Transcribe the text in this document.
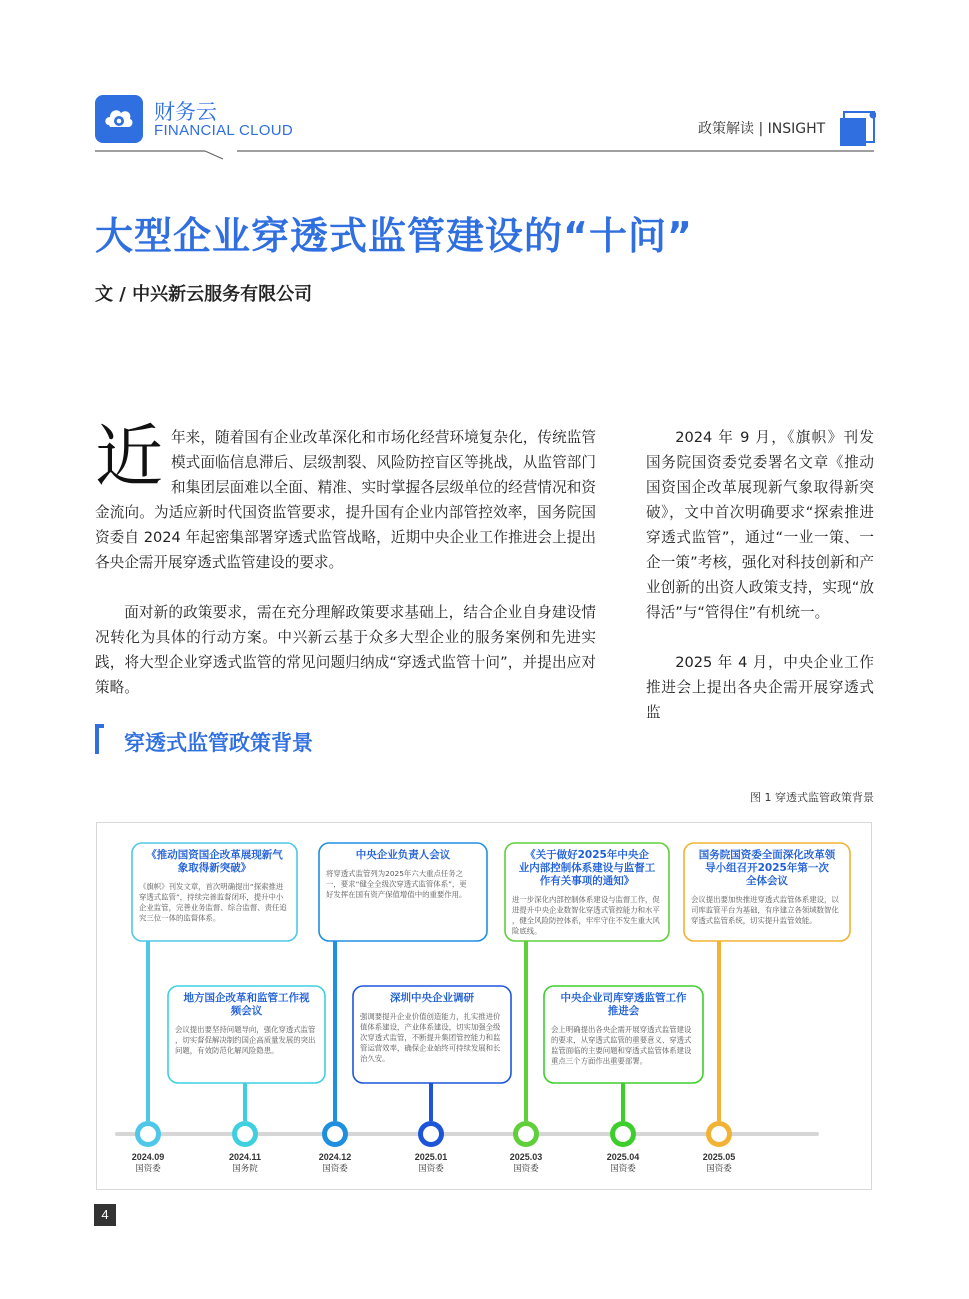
财务云
FINANCIAL CLOUD	政策解读 | INSIGHT
大型企业穿透式监管建设的“十问”
文 / 中兴新云服务有限公司

近年来，随着国有企业改革深化和市场化经营环境复杂化，传统监管模式面临信息滞后、层级割裂、风险防控盲区等挑战，从监管部门和集团层面难以全面、精准、实时掌握各层级单位的经营情况和资金流向。为适应新时代国资监管要求，提升国有企业内部管控效率，国务院国资委自 2024 年起密集部署穿透式监管战略，近期中央企业工作推进会上提出各央企需开展穿透式监管建设的要求。

面对新的政策要求，需在充分理解政策要求基础上，结合企业自身建设情况转化为具体的行动方案。中兴新云基于众多大型企业的服务案例和先进实践，将大型企业穿透式监管的常见问题归纳成“穿透式监管十问”，并提出应对策略。

2024 年 9 月，《旗帜》刊发国务院国资委党委署名文章《推动国资国企改革展现新气象取得新突破》，文中首次明确要求“探索推进穿透式监管”，通过“一业一策、一企一策”考核，强化对科技创新和产业创新的出资人政策支持，实现“放得活”与“管得住”有机统一。

2025 年 4 月，中央企业工作推进会上提出各央企需开展穿透式监

穿透式监管政策背景
图 1 穿透式监管政策背景
《推动国资国企改革展现新气象取得新突破》
《旗帜》刊发文章，首次明确提出“探索推进穿透式监管”，持续完善监督闭环，提升中小企业监管，完善业务监督、综合监督、责任追究三位一体的监督体系。
2024.09
国资委
地方国企改革和监管工作视频会议
会议提出要坚持问题导向，强化穿透式监管，切实督促解决制约国企高质量发展的突出问题，有效防范化解风险隐患。
2024.11
国务院
中央企业负责人会议
将穿透式监管列为2025年六大重点任务之一，要求“健全全级次穿透式监管体系”，更好发挥在国有资产保值增值中的重要作用。
2024.12
国资委
深圳中央企业调研
强调要提升企业价值创造能力，扎实推进价值体系建设，产业体系建设，切实加强全级次穿透式监管，不断提升集团管控能力和监管运营效率，确保企业始终可持续发展和长治久安。
2025.01
国资委
《关于做好2025年中央企业内部控制体系建设与监督工作有关事项的通知》
进一步深化内部控制体系建设与监督工作，促进提升中央企业数智化穿透式管控能力和水平，健全风险防控体系，牢牢守住不发生重大风险底线。
2025.03
国资委
中央企业司库穿透监管工作推进会
会上明确提出各央企需开展穿透式监管建设的要求，从穿透式监管的重要意义、穿透式监管面临的主要问题和穿透式监管体系建设重点三个方面作出重要部署。
2025.04
国资委
国务院国资委全面深化改革领导小组召开2025年第一次全体会议
会议提出要加快推进穿透式监管体系建设，以司库监管平台为基础，有序建立各领域数智化穿透式监管系统，切实提升监管效能。
2025.05
国资委
4
